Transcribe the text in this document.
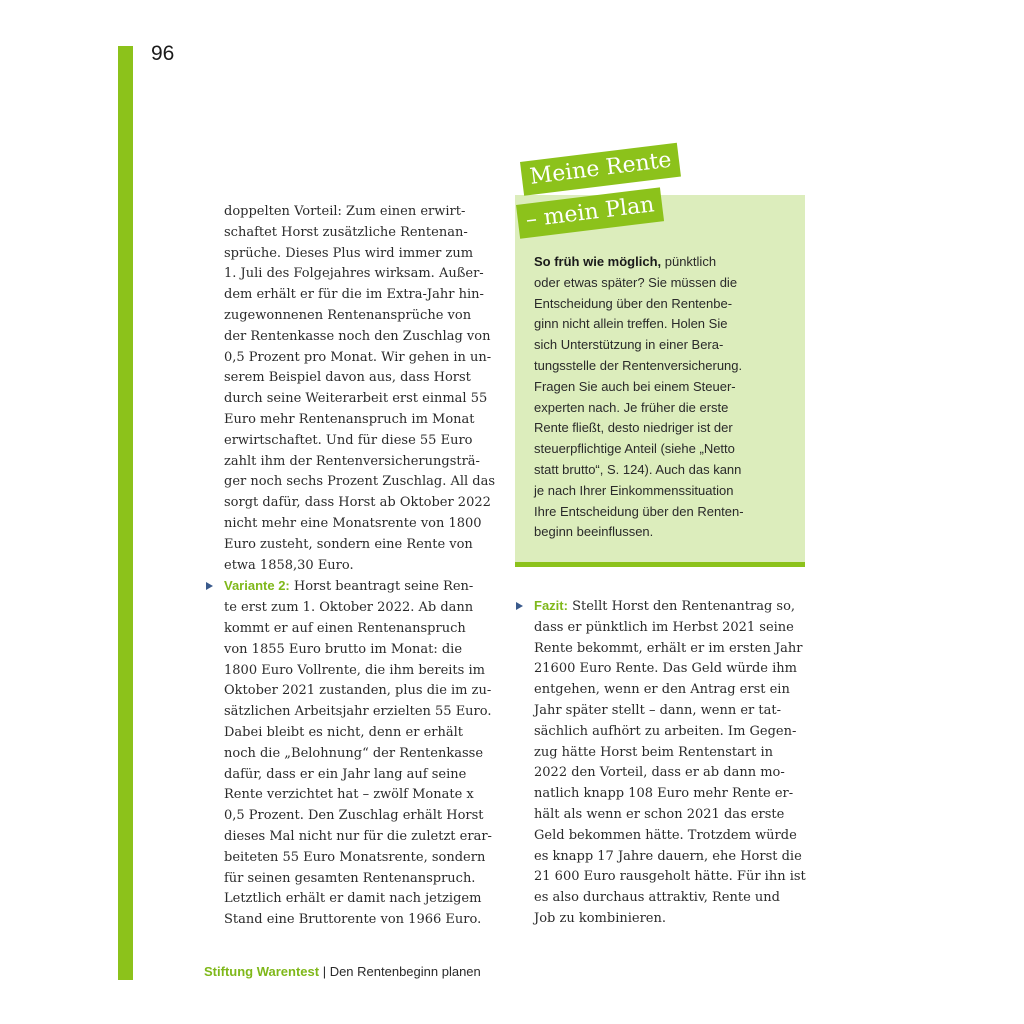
96

doppelten Vorteil: Zum einen erwirt-

schaftet Horst zusätzliche Rentenan-

sprüche. Dieses Plus wird immer zum

1. Juli des Folgejahres wirksam. Außer-

dem erhält er für die im Extra-Jahr hin-

zugewonnenen Rentenansprüche von

der Rentenkasse noch den Zuschlag von

0,5 Prozent pro Monat. Wir gehen in un-

serem Beispiel davon aus, dass Horst

durch seine Weiterarbeit erst einmal 55

Euro mehr Rentenanspruch im Monat

erwirtschaftet. Und für diese 55 Euro

zahlt ihm der Rentenversicherungsträ-

ger noch sechs Prozent Zuschlag. All das

sorgt dafür, dass Horst ab Oktober 2022

nicht mehr eine Monatsrente von 1800

Euro zusteht, sondern eine Rente von

etwa 1858,30 Euro.

Variante 2: Horst beantragt seine Ren-

te erst zum 1. Oktober 2022. Ab dann

kommt er auf einen Rentenanspruch

von 1855 Euro brutto im Monat: die

1800 Euro Vollrente, die ihm bereits im

Oktober 2021 zustanden, plus die im zu-

sätzlichen Arbeitsjahr erzielten 55 Euro.

Dabei bleibt es nicht, denn er erhält

noch die „Belohnung“ der Rentenkasse

dafür, dass er ein Jahr lang auf seine

Rente verzichtet hat – zwölf Monate x

0,5 Prozent. Den Zuschlag erhält Horst

dieses Mal nicht nur für die zuletzt erar-

beiteten 55 Euro Monatsrente, sondern

für seinen gesamten Rentenanspruch.

Letztlich erhält er damit nach jetzigem

Stand eine Bruttorente von 1966 Euro.

Meine Rente
– mein Plan

So früh wie möglich, pünktlich

oder etwas später? Sie müssen die

Entscheidung über den Rentenbe-

ginn nicht allein treffen. Holen Sie

sich Unterstützung in einer Bera-

tungsstelle der Rentenversicherung.

Fragen Sie auch bei einem Steuer-

experten nach. Je früher die erste

Rente fließt, desto niedriger ist der

steuerpflichtige Anteil (siehe „Netto

statt brutto“, S. 124). Auch das kann

je nach Ihrer Einkommenssituation

Ihre Entscheidung über den Renten-

beginn beeinflussen.

Fazit: Stellt Horst den Rentenantrag so,

dass er pünktlich im Herbst 2021 seine

Rente bekommt, erhält er im ersten Jahr

21600 Euro Rente. Das Geld würde ihm

entgehen, wenn er den Antrag erst ein

Jahr später stellt – dann, wenn er tat-

sächlich aufhört zu arbeiten. Im Gegen-

zug hätte Horst beim Rentenstart in

2022 den Vorteil, dass er ab dann mo-

natlich knapp 108 Euro mehr Rente er-

hält als wenn er schon 2021 das erste

Geld bekommen hätte. Trotzdem würde

es knapp 17 Jahre dauern, ehe Horst die

21 600 Euro rausgeholt hätte. Für ihn ist

es also durchaus attraktiv, Rente und

Job zu kombinieren.

Stiftung Warentest | Den Rentenbeginn planen
